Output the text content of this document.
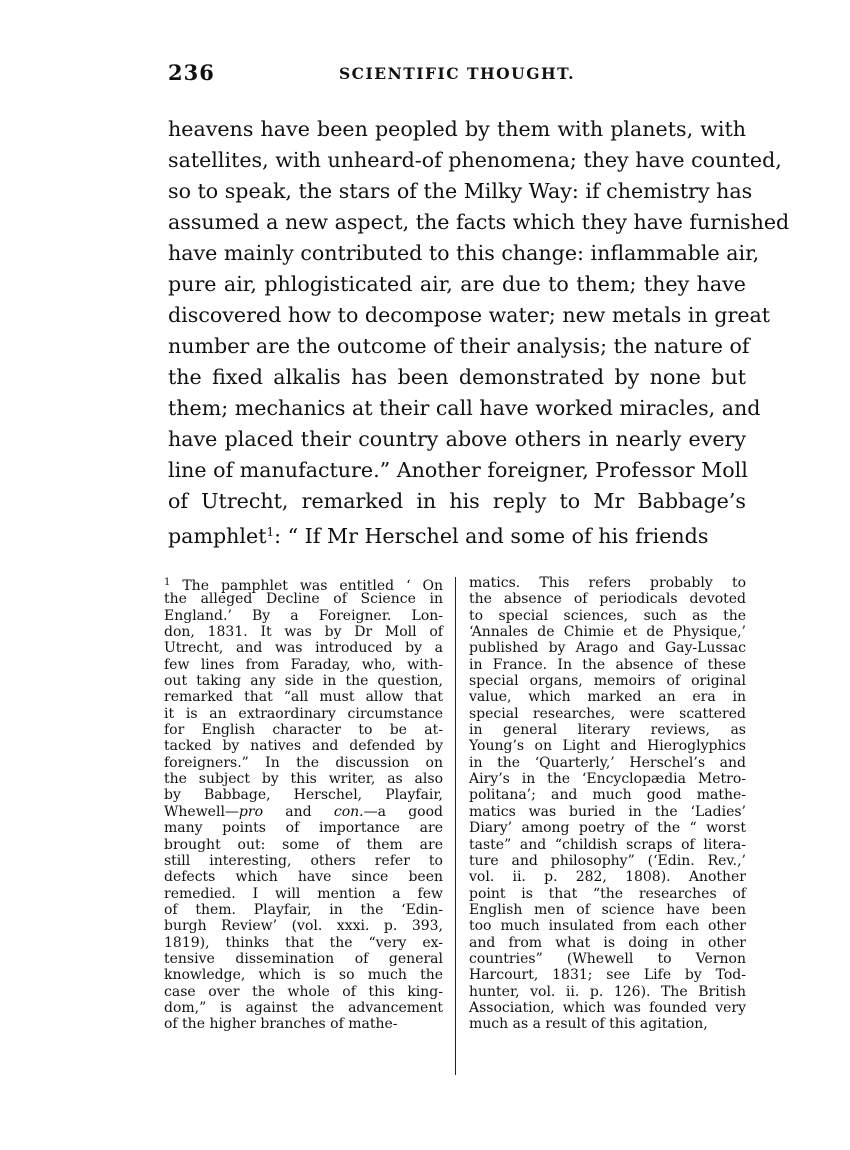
236	SCIENTIFIC THOUGHT.
heavens have been peopled by them with planets, with
satellites, with unheard-of phenomena; they have counted,
so to speak, the stars of the Milky Way: if chemistry has
assumed a new aspect, the facts which they have furnished
have mainly contributed to this change: inflammable air,
pure air, phlogisticated air, are due to them; they have
discovered how to decompose water; new metals in great
number are the outcome of their analysis; the nature of
the fixed alkalis has been demonstrated by none but
them; mechanics at their call have worked miracles, and
have placed their country above others in nearly every
line of manufacture.” Another foreigner, Professor Moll
of Utrecht, remarked in his reply to Mr Babbage’s
pamphlet$^1$: “ If Mr Herschel and some of his friends
$^1$ The pamphlet was entitled ‘ On
the alleged Decline of Science in
England.’ By a Foreigner. Lon-
don, 1831. It was by Dr Moll of
Utrecht, and was introduced by a
few lines from Faraday, who, with-
out taking any side in the question,
remarked that “all must allow that
it is an extraordinary circumstance
for English character to be at-
tacked by natives and defended by
foreigners.” In the discussion on
the subject by this writer, as also
by Babbage, Herschel, Playfair,
Whewell—pro and con.—a good
many points of importance are
brought out: some of them are
still interesting, others refer to
defects which have since been
remedied. I will mention a few
of them. Playfair, in the ‘Edin-
burgh Review’ (vol. xxxi. p. 393,
1819), thinks that the “very ex-
tensive dissemination of general
knowledge, which is so much the
case over the whole of this king-
dom,” is against the advancement
of the higher branches of mathe-
matics. This refers probably to
the absence of periodicals devoted
to special sciences, such as the
‘Annales de Chimie et de Physique,’
published by Arago and Gay-Lussac
in France. In the absence of these
special organs, memoirs of original
value, which marked an era in
special researches, were scattered
in general literary reviews, as
Young’s on Light and Hieroglyphics
in the ‘Quarterly,’ Herschel’s and
Airy’s in the ‘Encyclopædia Metro-
politana’; and much good mathe-
matics was buried in the ‘Ladies’
Diary’ among poetry of the “ worst
taste” and “childish scraps of litera-
ture and philosophy” (‘Edin. Rev.,’
vol. ii. p. 282, 1808). Another
point is that “the researches of
English men of science have been
too much insulated from each other
and from what is doing in other
countries” (Whewell to Vernon
Harcourt, 1831; see Life by Tod-
hunter, vol. ii. p. 126). The British
Association, which was founded very
much as a result of this agitation,
